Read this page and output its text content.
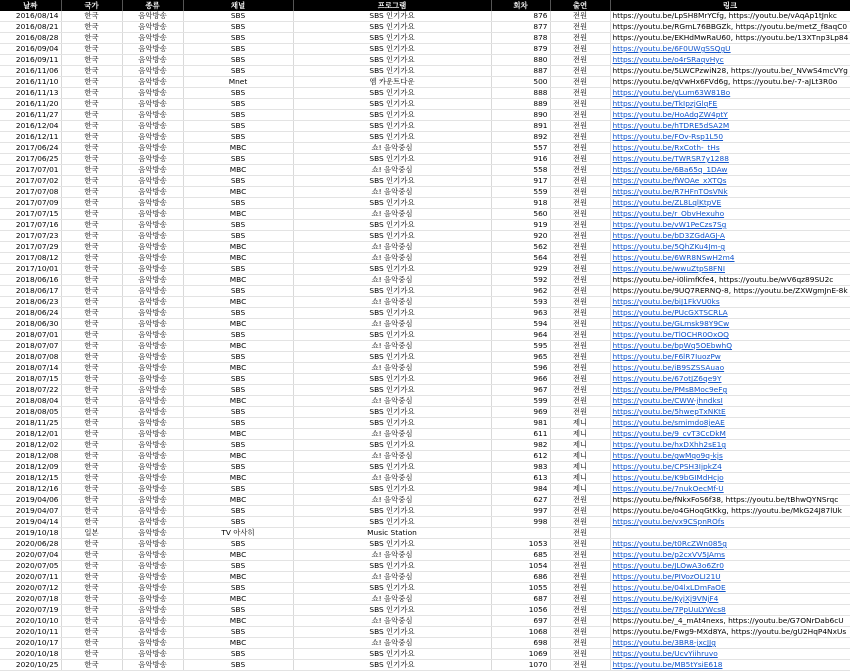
날짜	국가	종류	채널	프로그램	회차	출연	링크
2016/08/14	한국	음악방송	SBS	SBS 인기가요	876	전원	https://youtu.be/LpSH8MrYCfg, https://youtu.be/vAqAp1tJnkc
2016/08/21	한국	음악방송	SBS	SBS 인기가요	877	전원	https://youtu.be/RGmL76BBGZk, https://youtu.be/metZ_f8aqC0
2016/08/28	한국	음악방송	SBS	SBS 인기가요	878	전원	https://youtu.be/EKHdMwRaU60, https://youtu.be/13XTnp3Lp84
2016/09/04	한국	음악방송	SBS	SBS 인기가요	879	전원	https://youtu.be/6F0UWgSSQgU
2016/09/11	한국	음악방송	SBS	SBS 인기가요	880	전원	https://youtu.be/o4rSRaqvHyc
2016/11/06	한국	음악방송	SBS	SBS 인기가요	887	전원	https://youtu.be/5LWCPzwiN28, https://youtu.be/_NVwS4mcVYg
2016/11/10	한국	음악방송	Mnet	엠 카운트다운	500	전원	https://youtu.be/qVwHx6FVd6g, https://youtu.be/-7-aJLt3R0o
2016/11/13	한국	음악방송	SBS	SBS 인기가요	888	전원	https://youtu.be/yLum63W81Bo
2016/11/20	한국	음악방송	SBS	SBS 인기가요	889	전원	https://youtu.be/TkIpzjGlqFE
2016/11/27	한국	음악방송	SBS	SBS 인기가요	890	전원	https://youtu.be/HoAdqZW4ptY
2016/12/04	한국	음악방송	SBS	SBS 인기가요	891	전원	https://youtu.be/hTDRE5dSA2M
2016/12/11	한국	음악방송	SBS	SBS 인기가요	892	전원	https://youtu.be/FOv-Rsp1L50
2017/06/24	한국	음악방송	MBC	쇼! 음악중심	557	전원	https://youtu.be/RxCoth-_tHs
2017/06/25	한국	음악방송	SBS	SBS 인기가요	916	전원	https://youtu.be/TWRSR7y1288
2017/07/01	한국	음악방송	MBC	쇼! 음악중심	558	전원	https://youtu.be/6Ba65q_1DAw
2017/07/02	한국	음악방송	SBS	SBS 인기가요	917	전원	https://youtu.be/fWOAe_xXTQs
2017/07/08	한국	음악방송	MBC	쇼! 음악중심	559	전원	https://youtu.be/R7HFnTOsVNk
2017/07/09	한국	음악방송	SBS	SBS 인기가요	918	전원	https://youtu.be/ZL8LqlKtpVE
2017/07/15	한국	음악방송	MBC	쇼! 음악중심	560	전원	https://youtu.be/r_ObvHexuho
2017/07/16	한국	음악방송	SBS	SBS 인기가요	919	전원	https://youtu.be/vW1PeCzs7Sg
2017/07/23	한국	음악방송	SBS	SBS 인기가요	920	전원	https://youtu.be/bD3ZGdAGJ-A
2017/07/29	한국	음악방송	MBC	쇼! 음악중심	562	전원	https://youtu.be/5QhZKu4Jm-g
2017/08/12	한국	음악방송	MBC	쇼! 음악중심	564	전원	https://youtu.be/6WR8NSwH2m4
2017/10/01	한국	음악방송	SBS	SBS 인기가요	929	전원	https://youtu.be/wwuZtpS8FNI
2018/06/16	한국	음악방송	MBC	쇼! 음악중심	592	전원	https://youtu.be/-i0limfKfe4, https://youtu.be/wV6qz89SU2c
2018/06/17	한국	음악방송	SBS	SBS 인기가요	962	전원	https://youtu.be/9UQ7RERNQ-8, https://youtu.be/ZXWgmJnE-8k
2018/06/23	한국	음악방송	MBC	쇼! 음악중심	593	전원	https://youtu.be/biJ1FkVU0ks
2018/06/24	한국	음악방송	SBS	SBS 인기가요	963	전원	https://youtu.be/PUcGXTSCRLA
2018/06/30	한국	음악방송	MBC	쇼! 음악중심	594	전원	https://youtu.be/GLmsk98Y9Cw
2018/07/01	한국	음악방송	SBS	SBS 인기가요	964	전원	https://youtu.be/TlOCHR0OxOQ
2018/07/07	한국	음악방송	MBC	쇼! 음악중심	595	전원	https://youtu.be/bpWq5OEbwhQ
2018/07/08	한국	음악방송	SBS	SBS 인기가요	965	전원	https://youtu.be/F6lR7IuozPw
2018/07/14	한국	음악방송	MBC	쇼! 음악중심	596	전원	https://youtu.be/iB9SZSSAuao
2018/07/15	한국	음악방송	SBS	SBS 인기가요	966	전원	https://youtu.be/67otJZ6qe9Y
2018/07/22	한국	음악방송	SBS	SBS 인기가요	967	전원	https://youtu.be/PMsBMoc9eFg
2018/08/04	한국	음악방송	MBC	쇼! 음악중심	599	전원	https://youtu.be/CWW-jhndksI
2018/08/05	한국	음악방송	SBS	SBS 인기가요	969	전원	https://youtu.be/5hwepTxNKtE
2018/11/25	한국	음악방송	SBS	SBS 인기가요	981	제니	https://youtu.be/smimdo8jeAE
2018/12/01	한국	음악방송	MBC	쇼! 음악중심	611	제니	https://youtu.be/9_cvT3CcDkM
2018/12/02	한국	음악방송	SBS	SBS 인기가요	982	제니	https://youtu.be/hxDXhh2sE1g
2018/12/08	한국	음악방송	MBC	쇼! 음악중심	612	제니	https://youtu.be/gwMqo9q-kjs
2018/12/09	한국	음악방송	SBS	SBS 인기가요	983	제니	https://youtu.be/CPSH3IjpkZ4
2018/12/15	한국	음악방송	MBC	쇼! 음악중심	613	제니	https://youtu.be/K9bGIMdHcjo
2018/12/16	한국	음악방송	SBS	SBS 인기가요	984	제니	https://youtu.be/7nukOecMf-U
2019/04/06	한국	음악방송	MBC	쇼! 음악중심	627	전원	https://youtu.be/fNkxFoS6f38, https://youtu.be/tBhwQYNSrqc
2019/04/07	한국	음악방송	SBS	SBS 인기가요	997	전원	https://youtu.be/o4GHoqGtKkg, https://youtu.be/MkG24J87lUk
2019/04/14	한국	음악방송	SBS	SBS 인기가요	998	전원	https://youtu.be/vx9CSpnROfs
2019/10/18	일본	음악방송	TV 아사히	Music Station		전원	
2020/06/28	한국	음악방송	SBS	SBS 인기가요	1053	전원	https://youtu.be/t0RcZWn085g
2020/07/04	한국	음악방송	MBC	쇼! 음악중심	685	전원	https://youtu.be/p2cxVV5JAms
2020/07/05	한국	음악방송	SBS	SBS 인기가요	1054	전원	https://youtu.be/JLOwA3o6Zr0
2020/07/11	한국	음악방송	MBC	쇼! 음악중심	686	전원	https://youtu.be/PIVozOLI21U
2020/07/12	한국	음악방송	SBS	SBS 인기가요	1055	전원	https://youtu.be/04lxLDmFaOE
2020/07/18	한국	음악방송	MBC	쇼! 음악중심	687	전원	https://youtu.be/KyjXj9VNjF4
2020/07/19	한국	음악방송	SBS	SBS 인기가요	1056	전원	https://youtu.be/7PpUuLYWcs8
2020/10/10	한국	음악방송	MBC	쇼! 음악중심	697	전원	https://youtu.be/_4_mAt4nexs, https://youtu.be/G7ONrDab6cU
2020/10/11	한국	음악방송	SBS	SBS 인기가요	1068	전원	https://youtu.be/Fwg9-MXd8YA, https://youtu.be/gU2HqP4NxUs
2020/10/17	한국	음악방송	MBC	쇼! 음악중심	698	전원	https://youtu.be/3BR8-jxcJJg
2020/10/18	한국	음악방송	SBS	SBS 인기가요	1069	전원	https://youtu.be/UcvYiihruvo
2020/10/25	한국	음악방송	SBS	SBS 인기가요	1070	전원	https://youtu.be/MB5tYsiE618
